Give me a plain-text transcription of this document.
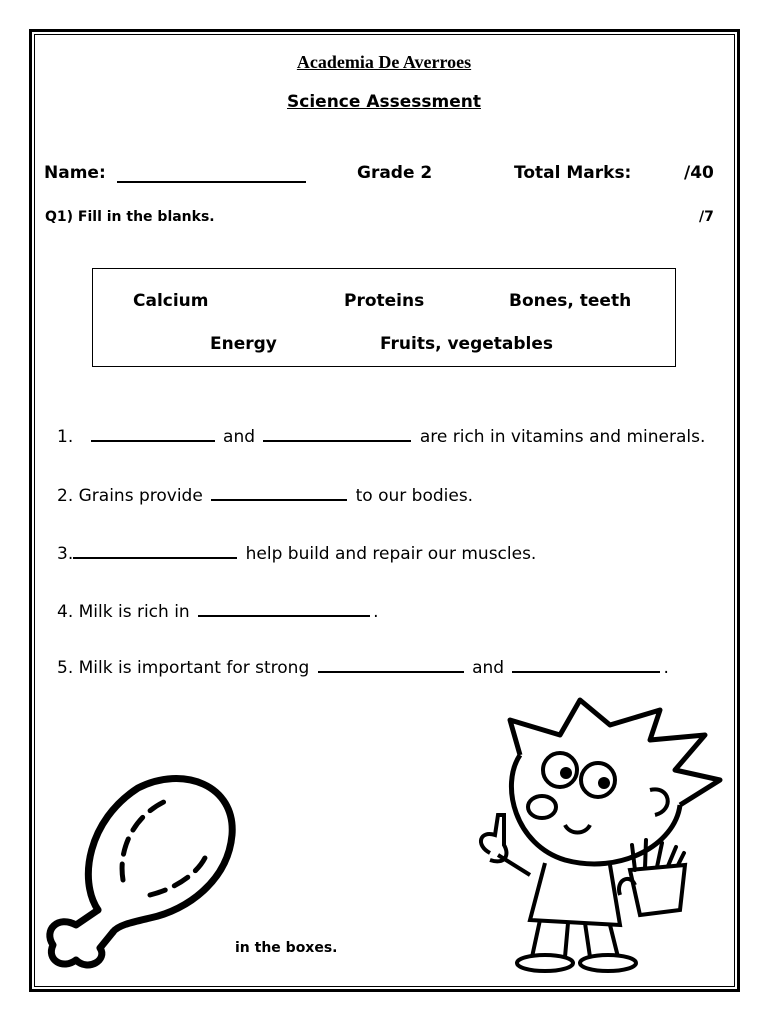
Academia De Averroes
Science Assessment
Name:	Grade 2	Total Marks:	/40
Q1) Fill in the blanks.	/7
Calcium	Proteins	Bones, teeth
Energy	Fruits, vegetables
1.	and	are rich in vitamins and minerals.
2. Grains provide	to our bodies.
3.	help build and repair our muscles.
4. Milk is rich in	.
5. Milk is important for strong	and	.
in the boxes.
